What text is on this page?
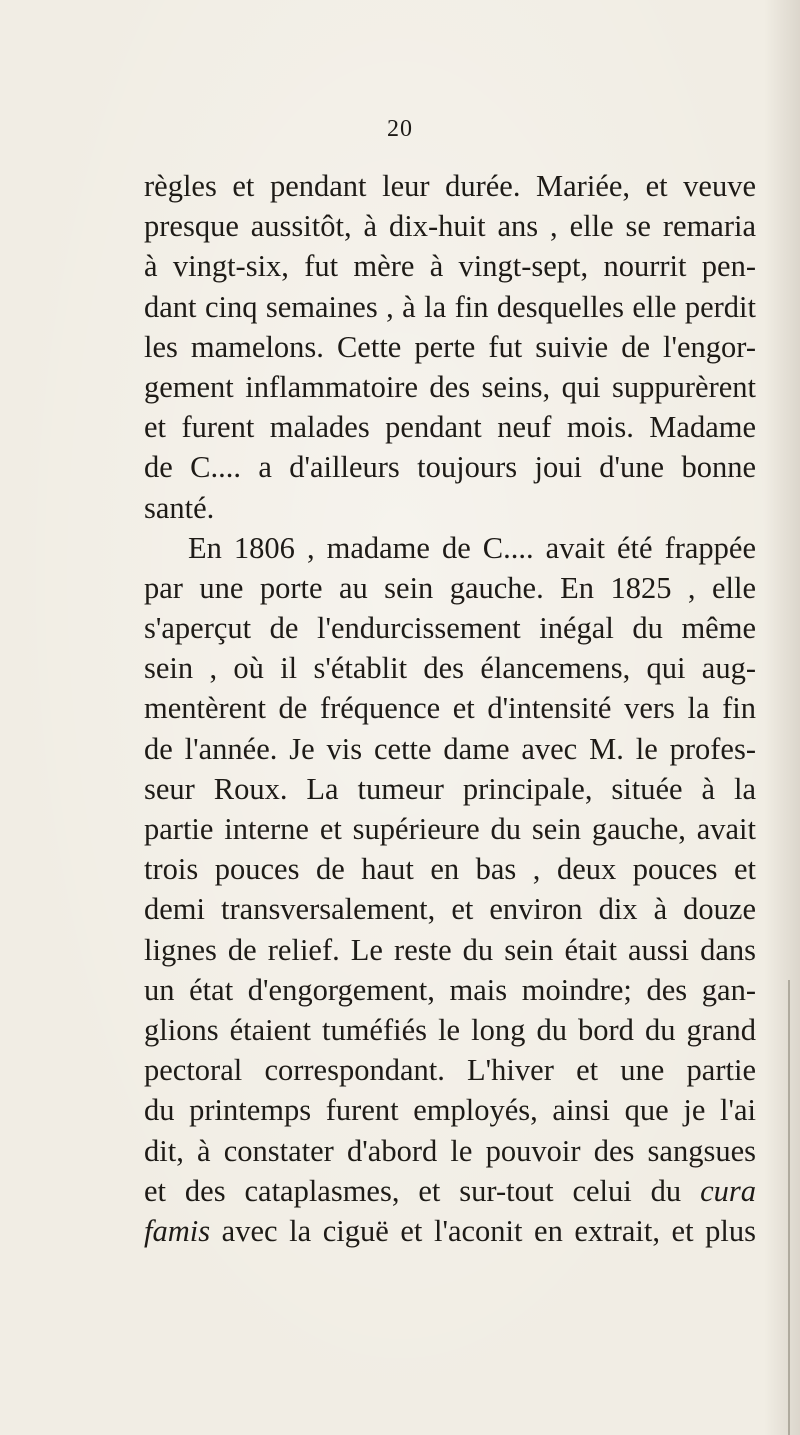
20
règles et pendant leur durée. Mariée, et veuve
presque aussitôt, à dix-huit ans , elle se remaria
à vingt-six, fut mère à vingt-sept, nourrit pen-
dant cinq semaines , à la fin desquelles elle perdit
les mamelons. Cette perte fut suivie de l'engor-
gement inflammatoire des seins, qui suppurèrent
et furent malades pendant neuf mois. Madame
de C.... a d'ailleurs toujours joui d'une bonne
santé.
En 1806 , madame de C.... avait été frappée
par une porte au sein gauche. En 1825 , elle
s'aperçut de l'endurcissement inégal du même
sein , où il s'établit des élancemens, qui aug-
mentèrent de fréquence et d'intensité vers la fin
de l'année. Je vis cette dame avec M. le profes-
seur Roux. La tumeur principale, située à la
partie interne et supérieure du sein gauche, avait
trois pouces de haut en bas , deux pouces et
demi transversalement, et environ dix à douze
lignes de relief. Le reste du sein était aussi dans
un état d'engorgement, mais moindre; des gan-
glions étaient tuméfiés le long du bord du grand
pectoral correspondant. L'hiver et une partie
du printemps furent employés, ainsi que je l'ai
dit, à constater d'abord le pouvoir des sangsues
et des cataplasmes, et sur-tout celui du cura
famis avec la ciguë et l'aconit en extrait, et plus
